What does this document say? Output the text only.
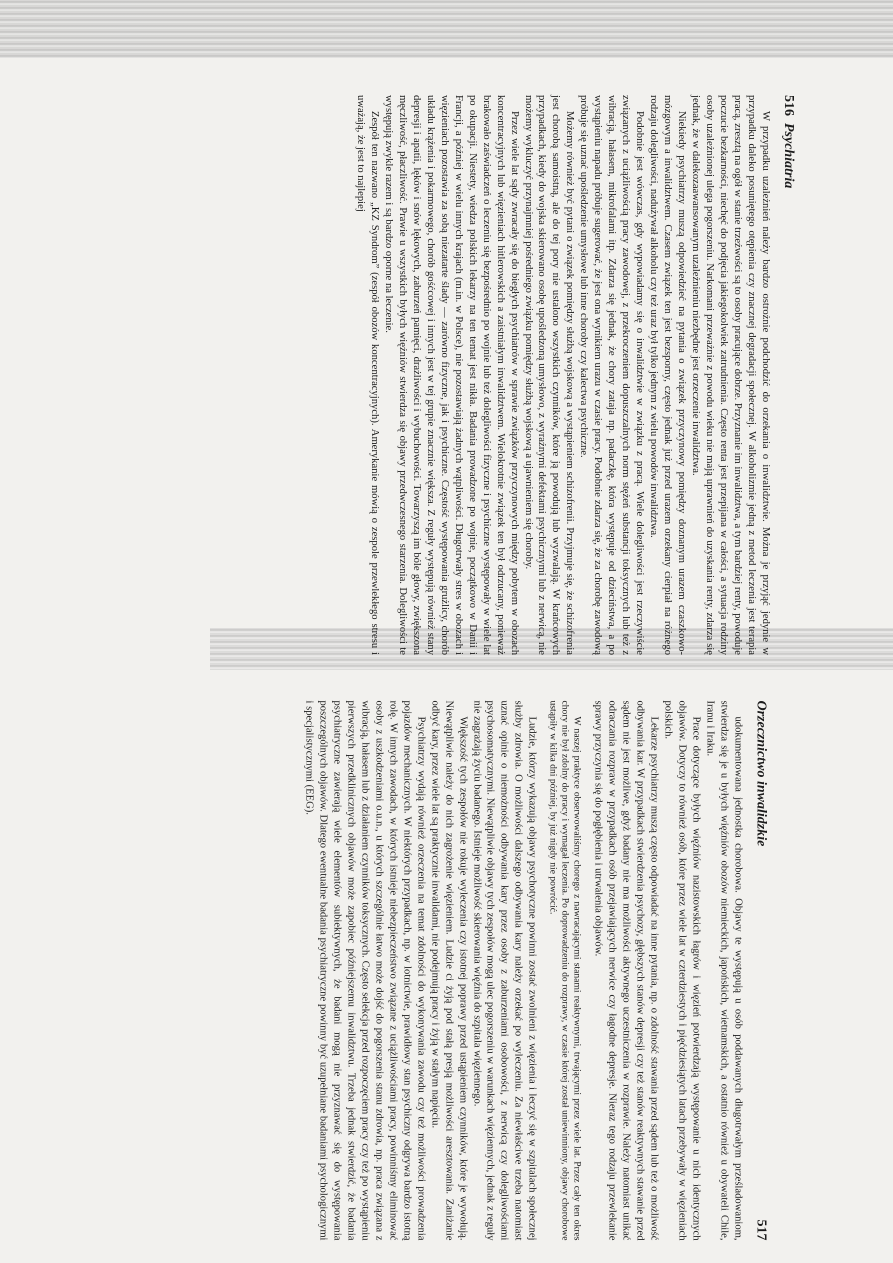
516  Psychiatria

W przypadku uzależnień należy bardzo ostrożnie podchodzić do orzekania o inwalidztwie. Można je przyjąć jedynie w przypadku daleko posuniętego otępienia czy znacznej degradacji społecznej. W alkoholizmie jedną z metod leczenia jest terapia pracą, zresztą na ogół w stanie trzeźwości są to osoby pracujące dobrze. Przyznanie im inwalidztwa, a tym bardziej renty, powoduje poczucie bezkarności, niechęć do podjęcia jakiegokolwiek zatrudnienia. Często renta jest przepijana w całości, a sytuacja rodziny osoby uzależnionej ulega pogorszeniu. Narkomani przeważnie z powodu wieku nie mają uprawnień do uzyskania renty, zdarza się jednak, że w dalekozaawansowanym uzależnieniu niezbędne jest orzeczenie inwalidztwa.

Niekiedy psychiatrzy muszą odpowiedzieć na pytania o związek przyczynowy pomiędzy doznanym urazem czaszkowo-mózgowym a inwalidztwem. Czasem związek ten jest bezsporny, często jednak już przed urazem orzekany cierpiał na różnego rodzaju dolegliwości, nadużywał alkoholu czy też uraz był tylko jednym z wielu powodów inwalidztwa.

Podobnie jest wówczas, gdy wypowiadamy się o inwalidztwie w związku z pracą. Wiele dolegliwości jest rzeczywiście związanych z uciążliwością pracy zawodowej, z przekroczeniem dopuszczalnych norm stężeń substancji toksycznych lub też z wibracją, hałasem, mikrofalami itp. Zdarza się jednak, że chory zataja np. padaczkę, która występuje od dzieciństwa, a po wystąpieniu napadu próbuje sugerować, że jest ona wynikiem urazu w czasie pracy. Podobnie zdarza się, że za chorobę zawodową próbuje się uznać upośledzenie umysłowe lub inne choroby czy kalectwa psychiczne.

Możemy również być pytani o związek pomiędzy służbą wojskową a wystąpieniem schizofrenii. Przyjmuje się, że schizofrenia jest chorobą samoistną, ale do tej pory nie ustalono wszystkich czynników, które ją powodują lub wyzwalają. W krańcowych przypadkach, kiedy do wojska skierowano osobę upośledzoną umysłowo, z wyraźnymi defektami psychicznymi lub z nerwicą, nie możemy wykluczyć przynajmniej pośredniego związku pomiędzy służbą wojskową a ujawnieniem się choroby.

Przez wiele lat sądy zwracały się do biegłych psychiatrów w sprawie związków przyczynowych między pobytem w obozach koncentracyjnych lub więzieniach hitlerowskich a zaistniałym inwalidztwem. Wielokrotnie związek ten był odrzucany, ponieważ brakowało zaświadczeń o leczeniu się bezpośrednio po wojnie lub też dolegliwości fizyczne i psychiczne występowały w wiele lat po okupacji. Niestety, wiedza polskich lekarzy na ten temat jest nikła. Badania prowadzone po wojnie, początkowo w Danii i Francji, a później w wielu innych krajach (m.in. w Polsce), nie pozostawiają żadnych wątpliwości. Długotrwały stres w obozach i więzieniach pozostawia za sobą niezatarte ślady — zarówno fizyczne, jak i psychiczne. Częstość występowania grużlicy, chorób układu krążenia i pokarmowego, chorób gośćcowej i innych jest w tej grupie znacznie większa. Z reguły występują również stany depresji i apatii, lęków i snów lękowych, zaburzeń pamięci, drażliwości i wybuchowości. Towarzyszą im bóle głowy, zwiększona męczliwość, płaczliwość. Prawie u wszystkich byłych więźniów stwierdza się objawy przedwczesnego starzenia. Dolegliwości te występują zwykle razem i są bardzo oporne na leczenie.

Zespół ten nazwano „KZ Syndrom” (zespół obozów koncentracyjnych). Amerykanie mówią o zespole przewlekłego stresu i uważają, że jest to najlepiej

Orzecznictwo inwalidzkie
517

udokumentowana jednostka chorobowa. Objawy te występują u osób poddawanych długotrwałym prześladowaniom, stwierdza się je u byłych więźniów obozów niemieckich, japońskich, wietnamskich, a ostatnio również u obywateli Chile, Iranu i Iraku.

Prace dotyczące byłych więźniów nazistowskich łagrów i więzień potwierdzają występowanie u nich identycznych objawów. Dotyczy to również osób, które przez wiele lat w czterdziestych i pięćdziesiątych latach przebywały w więzieniach polskich.

Lekarze psychiatrzy muszą często odpowiadać na inne pytania, np. o zdolność stawania przed sądem lub też o możliwość odbywania kar. W przypadkach stwierdzenia psychozy, głębszych stanów depresji czy też stanów reaktywnych stawanie przed sądem nie jest możliwe, gdyż badany nie ma możliwości aktywnego uczestniczenia w rozprawie. Należy natomiast unikać odraczania rozpraw w przypadkach osób przejawiających nerwice czy łagodne depresje. Nieraz tego rodzaju przewlekanie sprawy przyczynia się do pogłębienia i utrwalenia objawów.

W naszej praktyce obserwowaliśmy chorego z nawracającymi stanami reaktywnymi, trwającymi przez wiele lat. Przez cały ten okres chory nie był zdolny do pracy i wymagał leczenia. Po doprowadzeniu do rozprawy, w czasie której został uniewinniony, objawy chorobowe ustąpiły w kilka dni później, by już nigdy nie powrócić.

Ludzie, którzy wykazują objawy psychotyczne powinni zostać zwolnieni z więzienia i leczyć się w szpitalach społecznej służby zdrowia. O możliwości dalszego odbywania kary należy orzekać po wyleczeniu. Za niewłaściwe trzeba natomiast uznać opinie o niemożności odbywania kary przez osoby z zaburzeniami osobowości, z nerwicą czy dolegliwościami psychosomatycznymi. Niewątpliwie objawy tych zespołów mogą ulec pogorszeniu w warunkach więziennych, jednak z reguły nie zagrażają życiu badanego. Istnieje możliwość skierowania więźnia do szpitala więziennego.

Większość tych zespołów nie rokuje wyleczenia czy istotnej poprawy przed ustąpieniem czynników, które je wywołują. Niewątpliwie należy do nich zagrożenie więzieniem. Ludzie ci żyją pod stałą presją możliwości aresztowania. Zaniżanie odbyć kary, przez wiele lat są praktycznie inwalidami, nie podejmują pracy i żyją w stałym napięciu.

Psychiatrzy wydają również orzeczenia na temat zdolności do wykonywania zawodu czy też możliwości prowadzenia pojazdów mechanicznych. W niektórych przypadkach, np. w lotnictwie, prawidłowy stan psychiczny odgrywa bardzo istotną rolę. W innych zawodach, w których istnieje niebezpieczeństwo związane z uciążliwościami pracy, powinniśmy eliminować osoby z uszkodzeniami o.u.n., u których szczególnie łatwo może dojść do pogorszenia stanu zdrowia, np. praca związana z wibracją, hałasem lub z działaniem czynników toksycznych. Często selekcja przed rozpoczęciem pracy czy też po wystąpieniu pierwszych przedklinicznych objawów może zapobiec późniejszemu inwalidztwu. Trzeba jednak stwierdzić, że badania psychiatryczne zawierają wiele elementów subiektywnych, że badani mogą nie przyznawać się do występowania poszczególnych objawów. Dlatego ewentualne badania psychiatryczne powinny być uzupełniane badaniami psychologicznymi i specjalistycznymi (EEG).
